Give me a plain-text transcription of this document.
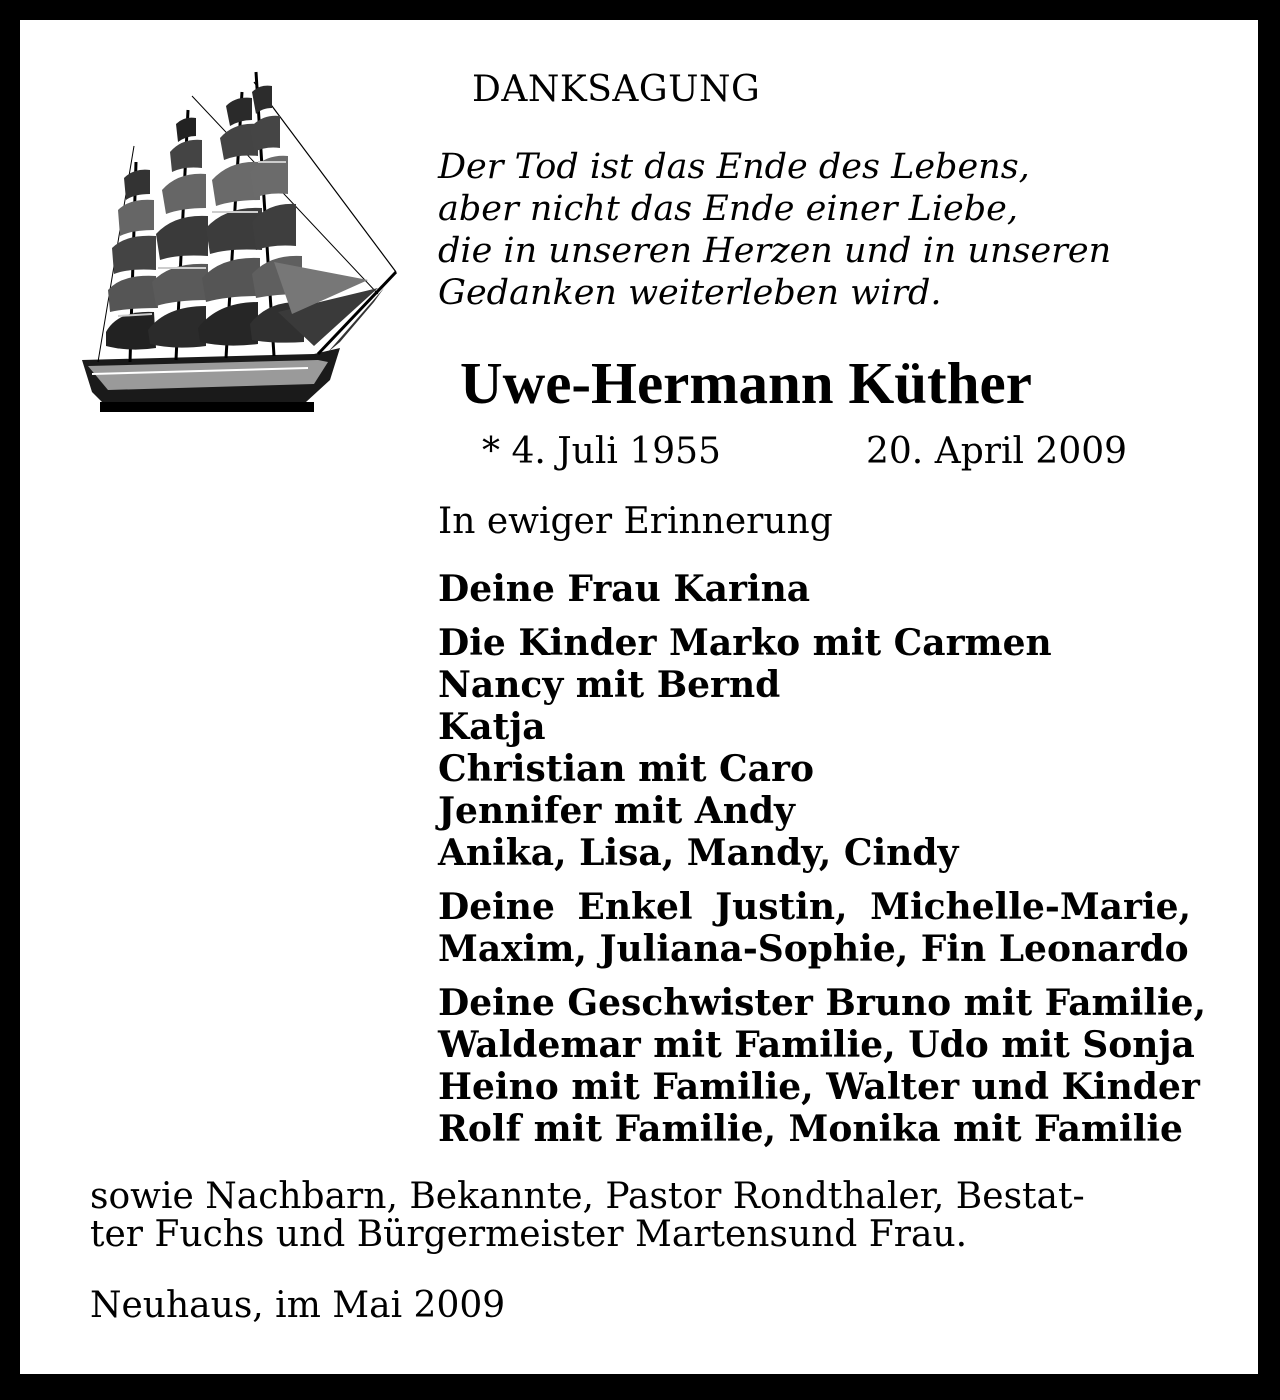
DANKSAGUNG
Der Tod ist das Ende des Lebens,
aber nicht das Ende einer Liebe,
die in unseren Herzen und in unseren
Gedanken weiterleben wird.
Uwe-Hermann Küther
* 4. Juli 1955	20. April 2009
In ewiger Erinnerung
Deine Frau Karina
Die Kinder Marko mit Carmen
Nancy mit Bernd
Katja
Christian mit Caro
Jennifer mit Andy
Anika, Lisa, Mandy, Cindy
Deine Enkel Justin, Michelle-Marie,
Maxim, Juliana-Sophie, Fin Leonardo
Deine Geschwister Bruno mit Familie,
Waldemar mit Familie, Udo mit Sonja
Heino mit Familie, Walter und Kinder
Rolf mit Familie, Monika mit Familie
sowie Nachbarn, Bekannte, Pastor Rondthaler, Bestat-
ter Fuchs und Bürgermeister Martensund Frau.
Neuhaus, im Mai 2009
